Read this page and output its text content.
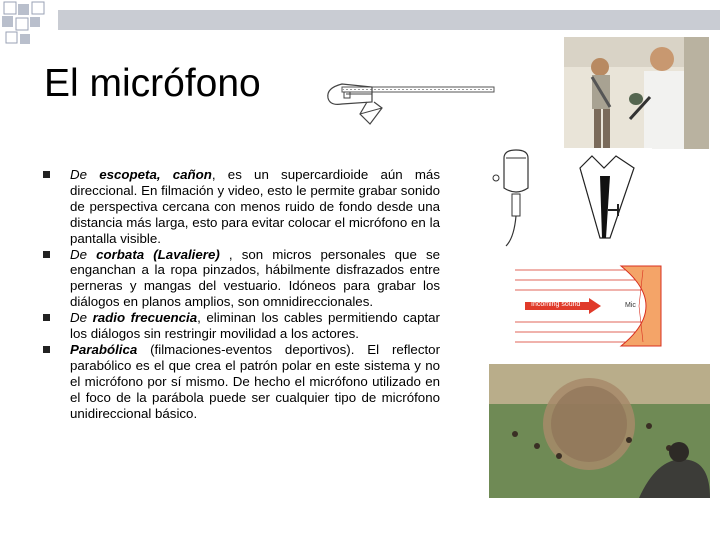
El micrófono
De escopeta, cañon, es un supercardioide aún más direccional. En filmación y video, esto le permite grabar sonido de perspectiva cercana con menos ruido de fondo desde una distancia más larga, esto para evitar colocar el micrófono en la pantalla visible.
De corbata (Lavaliere) , son micros personales que se enganchan a la ropa pinzados, hábilmente disfrazados entre perneras y mangas del vestuario. Idóneos para grabar los diálogos en planos amplios, son omnidireccionales.
De radio frecuencia, eliminan los cables permitiendo captar los diálogos sin restringir movilidad a los actores.
Parabólica (filmaciones-eventos deportivos). El reflector parabólico es el que crea el patrón polar en este sistema y no el micrófono por sí mismo. De hecho el micrófono utilizado en el foco de la parábola puede ser cualquier tipo de micrófono unidireccional básico.
Incoming sound	Mic
